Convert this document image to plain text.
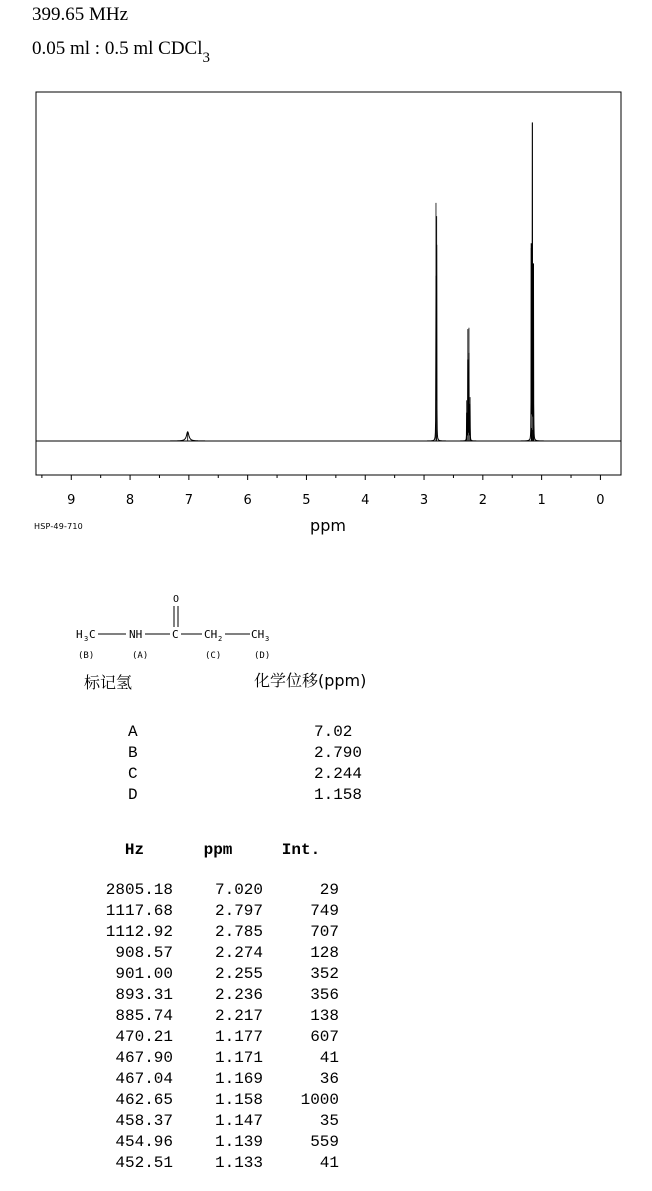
399.65 MHz
0.05 ml : 0.5 ml CDCl$_3$
9	8	7	6	5	4	3	2	1	0
ppm
HSP-49-710
O
H 3 C	NH	C CH 2	CH 3
(B)	(A)	(C)	(D)
标记氢	化学位移(ppm)
A	7.02
B	2.790
C	2.244
D	1.158
Hz	ppm	Int.

2805.18	7.020	29
1117.68	2.797	749
1112.92	2.785	707
908.57	2.274	128
901.00	2.255	352
893.31	2.236	356
885.74	2.217	138
470.21	1.177	607
467.90	1.171	41
467.04	1.169	36
462.65	1.158	1000
458.37	1.147	35
454.96	1.139	559
452.51	1.133	41
